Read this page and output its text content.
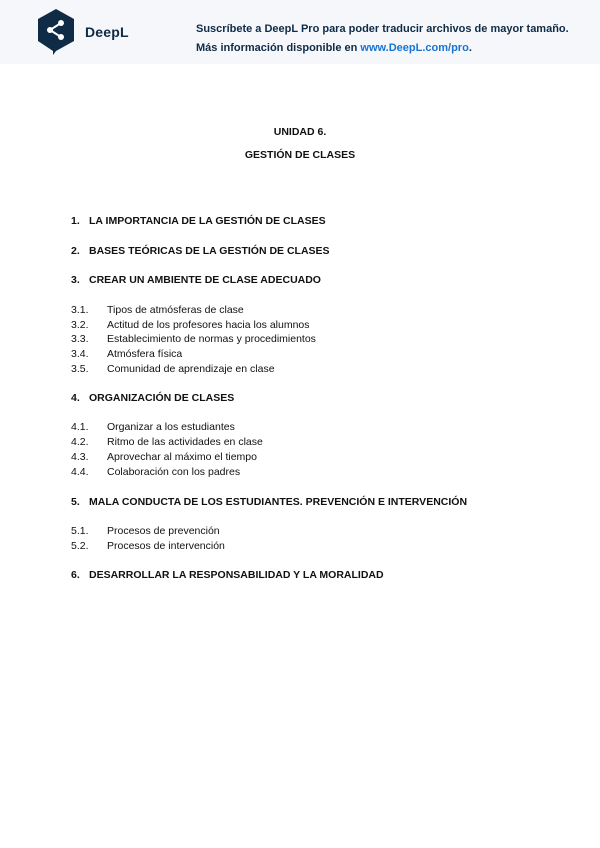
DeepL	Suscríbete a DeepL Pro para poder traducir archivos de mayor tamaño.
Más información disponible en www.DeepL.com/pro.
UNIDAD 6.
GESTIÓN DE CLASES
1. LA IMPORTANCIA DE LA GESTIÓN DE CLASES
2. BASES TEÓRICAS DE LA GESTIÓN DE CLASES
3. CREAR UN AMBIENTE DE CLASE ADECUADO
3.1. Tipos de atmósferas de clase
3.2. Actitud de los profesores hacia los alumnos
3.3. Establecimiento de normas y procedimientos
3.4. Atmósfera física
3.5. Comunidad de aprendizaje en clase
4. ORGANIZACIÓN DE CLASES
4.1. Organizar a los estudiantes
4.2. Ritmo de las actividades en clase
4.3. Aprovechar al máximo el tiempo
4.4. Colaboración con los padres
5. MALA CONDUCTA DE LOS ESTUDIANTES. PREVENCIÓN E INTERVENCIÓN
5.1. Procesos de prevención
5.2. Procesos de intervención
6. DESARROLLAR LA RESPONSABILIDAD Y LA MORALIDAD
